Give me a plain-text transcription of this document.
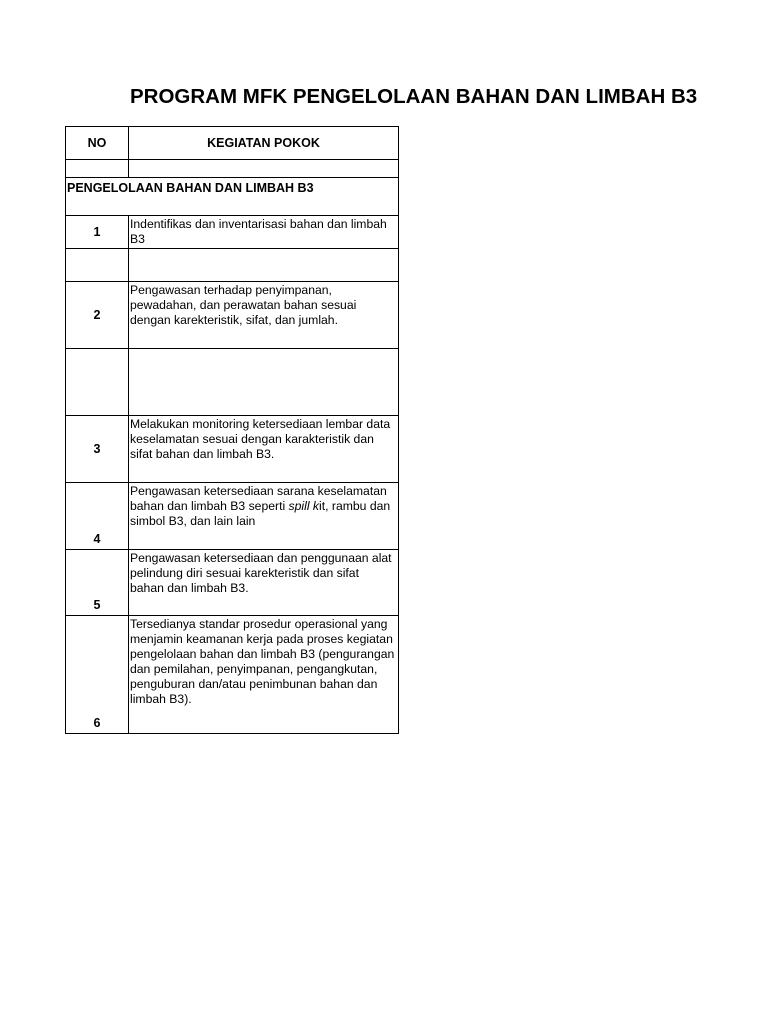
PROGRAM MFK PENGELOLAAN BAHAN DAN LIMBAH B3
NO	KEGIATAN POKOK

PENGELOLAAN BAHAN DAN LIMBAH B3	
1	Indentifikas dan inventarisasi bahan dan limbah B3

2	Pengawasan terhadap penyimpanan, pewadahan, dan perawatan bahan sesuai dengan karekteristik, sifat, dan jumlah.

3	Melakukan monitoring ketersediaan lembar data keselamatan sesuai dengan karakteristik dan sifat bahan dan limbah B3.
4	Pengawasan ketersediaan sarana keselamatan bahan dan limbah B3 seperti spill kit, rambu dan simbol B3, dan lain lain
5	Pengawasan ketersediaan dan penggunaan alat pelindung diri sesuai karekteristik dan sifat bahan dan limbah B3.
6	Tersedianya standar prosedur operasional yang menjamin keamanan kerja pada proses kegiatan pengelolaan bahan dan limbah B3 (pengurangan dan pemilahan, penyimpanan, pengangkutan, penguburan dan/atau penimbunan bahan dan limbah B3).
